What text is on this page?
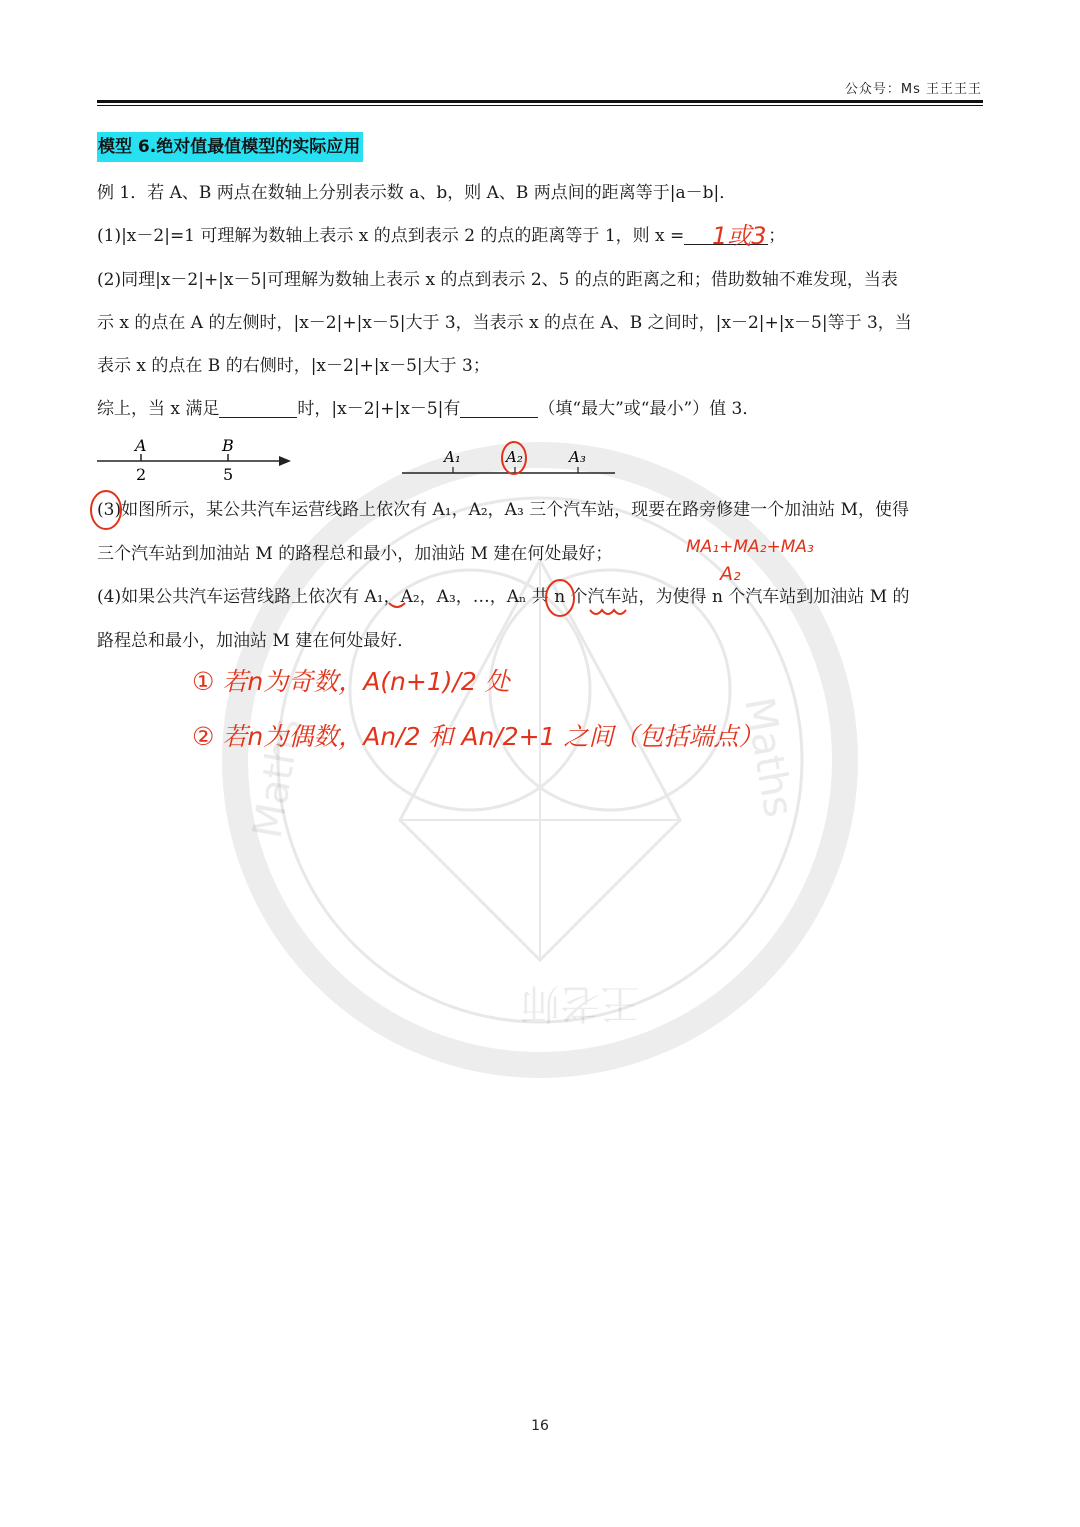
Maths	Maths
王老师
公众号：Ms 王王王王
模型 6.绝对值最值模型的实际应用
例 1．若 A、B 两点在数轴上分别表示数 a、b，则 A、B 两点间的距离等于|a－b|．
(1)|x－2|=1 可理解为数轴上表示 x 的点到表示 2 的点的距离等于 1，则 x =	；
(2)同理|x－2|+|x－5|可理解为数轴上表示 x 的点到表示 2、5 的点的距离之和；借助数轴不难发现，当表
示 x 的点在 A 的左侧时，|x－2|+|x－5|大于 3，当表示 x 的点在 A、B 之间时，|x－2|+|x－5|等于 3，当
表示 x 的点在 B 的右侧时，|x－2|+|x－5|大于 3；
综上，当 x 满足	时，|x－2|+|x－5|有	（填“最大”或“最小”）值 3．
A	B
2	5
A₁	A₂	A₃
(3)如图所示，某公共汽车运营线路上依次有 A₁，A₂，A₃ 三个汽车站，现要在路旁修建一个加油站 M，使得
三个汽车站到加油站 M 的路程总和最小，加油站 M 建在何处最好；
(4)如果公共汽车运营线路上依次有 A₁，A₂，A₃，…，Aₙ 共 n 个汽车站，为使得 n 个汽车站到加油站 M 的
路程总和最小，加油站 M 建在何处最好．
1或3
MA₁+MA₂+MA₃
A₂
① 若n为奇数，A(n+1)/2 处
② 若n为偶数，An/2 和 An/2+1 之间（包括端点）
16
